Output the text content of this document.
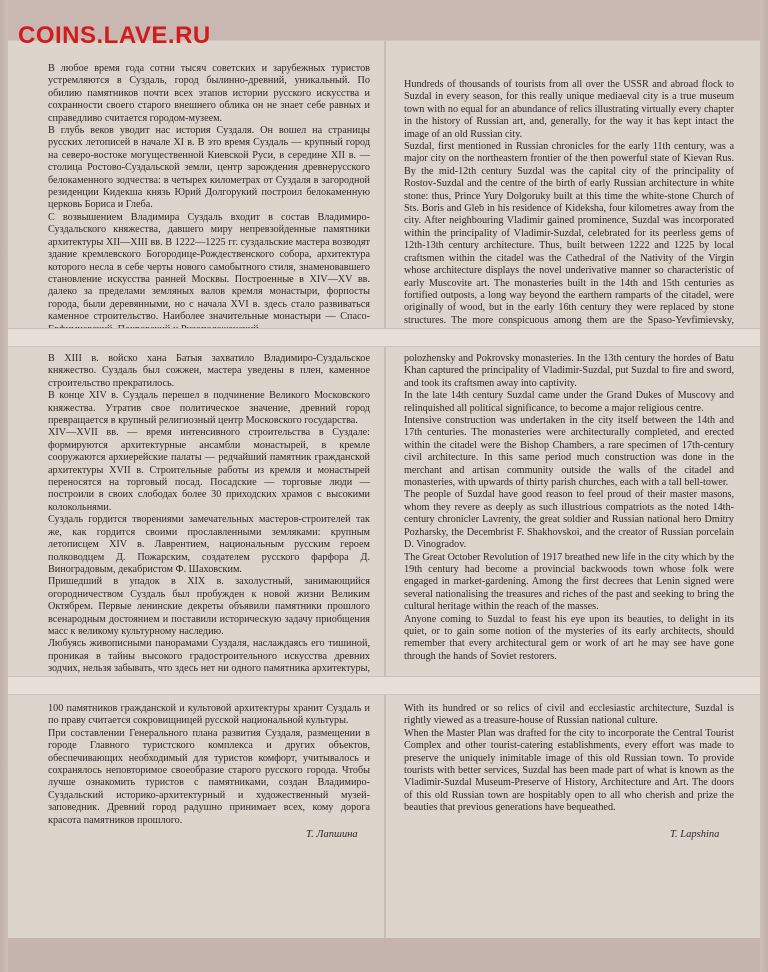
COINS.LAVE.RU

В любое время года сотни тысяч советских и зарубежных туристов устремляются в Суздаль, город былинно-древний, уникальный. По обилию памятников почти всех этапов истории русского искусства и сохранности своего старого внешнего облика он не знает себе равных и справедливо считается городом-музеем.

В глубь веков уводит нас история Суздаля. Он вошел на страницы русских летописей в начале XI в. В это время Суздаль — крупный город на северо-востоке могущественной Киевской Руси, в середине XII в. — столица Ростово-Суздальской земли, центр зарождения древнерусского белокаменного зодчества: в четырех километрах от Суздаля в загородной резиденции Кидекша князь Юрий Долгорукий построил белокаменную церковь Бориса и Глеба.

С возвышением Владимира Суздаль входит в состав Владимиро-Суздальского княжества, давшего миру непревзойденные памятники архитектуры XII—XIII вв. В 1222—1225 гг. суздальские мастера возводят здание кремлевского Богородице-Рождественского собора, архитектура которого несла в себе черты нового самобытного стиля, знаменовавшего становление искусства ранней Москвы. Построенные в XIV—XV вв. далеко за пределами земляных валов кремля монастыри, форпосты города, были деревянными, но с начала XVI в. здесь стало развиваться каменное строительство. Наиболее значительные монастыри — Спасо-

Hundreds of thousands of tourists from all over the USSR and abroad flock to Suzdal in every season, for this really unique mediaeval city is a true museum town with no equal for an abundance of relics illustrating virtually every chapter in the history of Russian art, and, generally, for the way it has kept intact the image of an old Russian city.

Suzdal, first mentioned in Russian chronicles for the early 11th century, was a major city on the northeastern frontier of the then powerful state of Kievan Rus. By the mid-12th century Suzdal was the capital city of the principality of Rostov-Suzdal and the centre of the birth of early Russian architecture in white stone: thus, Prince Yury Dolgoruky built at this time the white-stone Church of Sts. Boris and Gleb in his residence of Kideksha, four kilometres away from the city. After neighbouring Vladimir gained prominence, Suzdal was incorporated within the principality of Vladimir-Suzdal, celebrated for its peerless gems of 12th-13th century architecture. Thus, built between 1222 and 1225 by local craftsmen within the citadel was the Cathedral of the Nativity of the Virgin whose architecture displays the novel underivative manner so characteristic of early Muscovite art. The monasteries built in the 14th and 15th centuries as fortified outposts, a long way beyond the earthern ramparts of the citadel, were originally of wood, but in the early 16th century they were replaced by stone structures. The more conspicuous among them are the Spaso-Yevfimievsky,

В XIII в. войско хана Батыя захватило Владимиро-Суздальское княжество. Суздаль был сожжен, мастера уведены в плен, каменное строительство прекратилось.

В конце XIV в. Суздаль перешел в подчинение Великого Московского княжества. Утратив свое политическое значение, древний город превращается в крупный религиозный центр Московского государства.

XIV—XVII вв. — время интенсивного строительства в Суздале: формируются архитектурные ансамбли монастырей, в кремле сооружаются архиерейские палаты — редчайший памятник гражданской архитектуры XVII в. Строительные работы из кремля и монастырей переносятся на торговый посад. Посадские — торговые люди — построили в своих слободах более 30 приходских храмов с высокими колокольнями.

Суздаль гордится творениями замечательных мастеров-строителей так же, как гордится своими прославленными земляками: крупным летописцем XIV в. Лаврентием, национальным русским героем полководцем Д. Пожарским, создателем русского фарфора Д. Виноградовым, декабристом Ф. Шаховским.

Пришедший в упадок в XIX в. захолустный, занимающийся огородничеством Суздаль был пробужден к новой жизни Великим Октябрем. Первые ленинские декреты объявили памятники прошлого всенародным достоянием и поставили историческую задачу приобщения масс к великому культурному наследию.

Любуясь живописными панорамами Суздаля, наслаждаясь его тишиной, проникая в тайны высокого градостроительного искусства древних зодчих, нельзя забывать, что здесь нет ни одного памятника архитектуры,

polozhensky and Pokrovsky monasteries. In the 13th century the hordes of Batu Khan captured the principality of Vladimir-Suzdal, put Suzdal to fire and sword, and took its craftsmen away into captivity.

In the late 14th century Suzdal came under the Grand Dukes of Muscovy and relinquished all political significance, to become a major religious centre.

Intensive construction was undertaken in the city itself between the 14th and 17th centuries. The monasteries were architecturally completed, and erected within the citadel were the Bishop Chambers, a rare specimen of 17th-century civil architecture. In this same period much construction was done in the merchant and artisan community outside the walls of the citadel and monasteries, with upwards of thirty parish churches, each with a tall bell-tower.

The people of Suzdal have good reason to feel proud of their master masons, whom they revere as deeply as such illustrious compatriots as the noted 14th-century chronicler Lavrenty, the great soldier and Russian national hero Dmitry Pozharsky, the Decembrist F. Shakhovskoi, and the creator of Russian porcelain D. Vinogradov.

The Great October Revolution of 1917 breathed new life in the city which by the 19th century had become a provincial backwoods town whose folk were engaged in market-gardening. Among the first decrees that Lenin signed were several nationalising the treasures and riches of the past and seeking to bring the cultural heritage within the reach of the masses.

Anyone coming to Suzdal to feast his eye upon its beauties, to delight in its quiet, or to gain some notion of the mysteries of its early architects, should remember that every architectural gem or work of art he may see have gone through the hands of Soviet restorers.

100 памятников гражданской и культовой архитектуры хранит Суздаль и по праву считается сокровищницей русской национальной культуры.

При составлении Генерального плана развития Суздаля, размещении в городе Главного туристского комплекса и других объектов, обеспечивающих необходимый для туристов комфорт, учитывалось и сохранялось неповторимое своеобразие старого русского города. Чтобы лучше ознакомить туристов с памятниками, создан Владимиро-Суздальский историко-архитектурный и художественный музей-заповедник. Древний город радушно принимает всех, кому дорога красота памятников прошлого.

With its hundred or so relics of civil and ecclesiastic architecture, Suzdal is rightly viewed as a treasure-house of Russian national culture.

When the Master Plan was drafted for the city to incorporate the Central Tourist Complex and other tourist-catering establishments, every effort was made to preserve the uniquely inimitable image of this old Russian town. To provide tourists with better services, Suzdal has been made part of what is known as the Vladimir-Suzdal Museum-Preserve of History, Architecture and Art. The doors of this old Russian town are hospitably open to all who cherish and prize the beauties that previous generations have bequeathed.

Т. Лапшина	T. Lapshina
